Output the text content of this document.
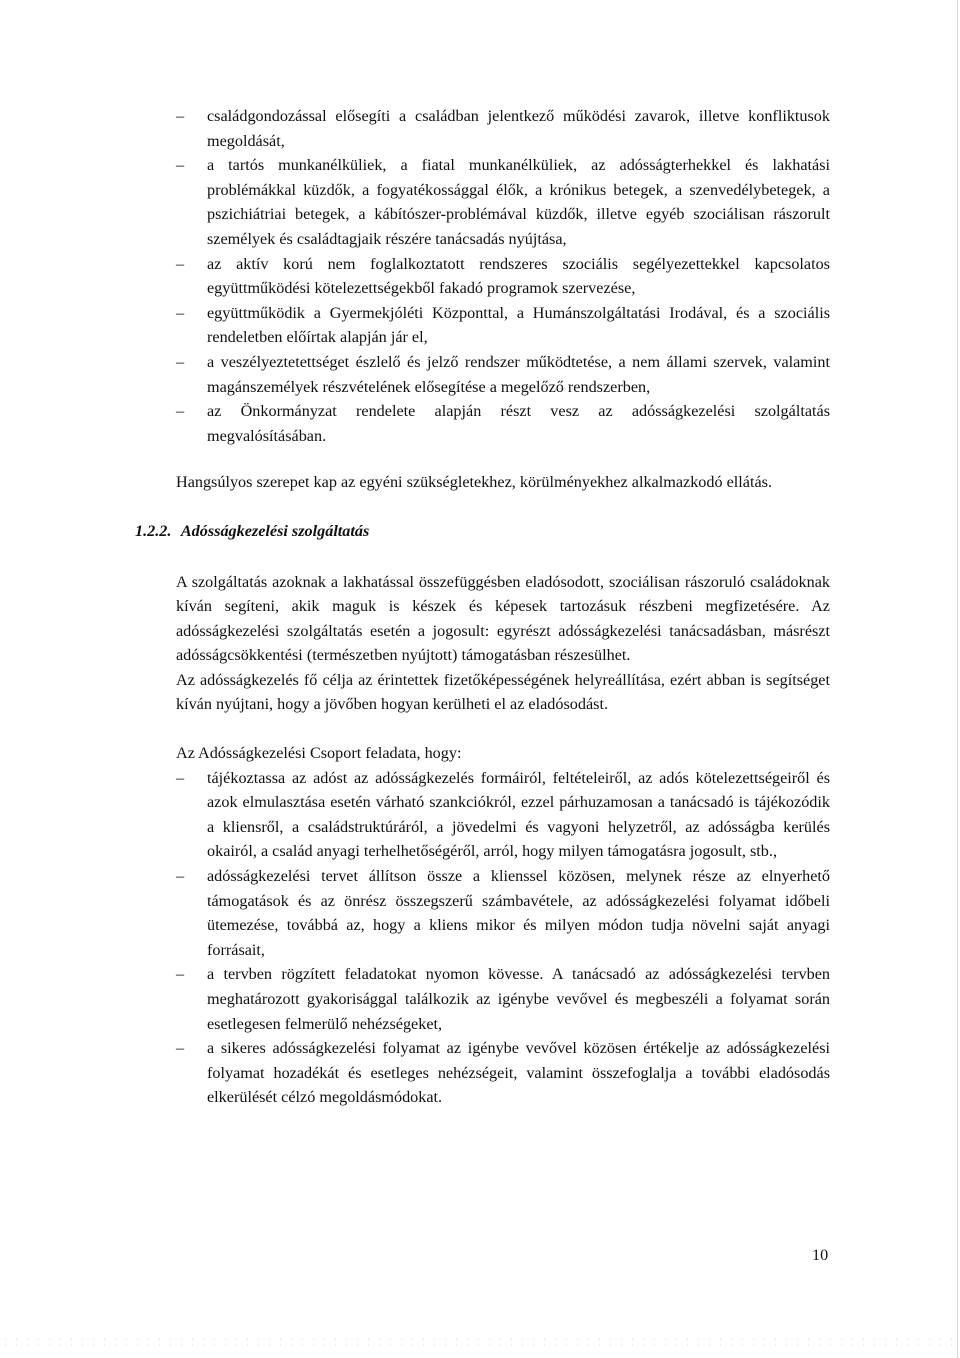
– családgondozással elősegíti a családban jelentkező működési zavarok, illetve konfliktusok megoldását,
– a tartós munkanélküliek, a fiatal munkanélküliek, az adósságterhekkel és lakhatási problémákkal küzdők, a fogyatékossággal élők, a krónikus betegek, a szenvedélybetegek, a pszichiátriai betegek, a kábítószer-problémával küzdők, illetve egyéb szociálisan rászorult személyek és családtagjaik részére tanácsadás nyújtása,
– az aktív korú nem foglalkoztatott rendszeres szociális segélyezettekkel kapcsolatos együttműködési kötelezettségekből fakadó programok szervezése,
– együttműködik a Gyermekjóléti Központtal, a Humánszolgáltatási Irodával, és a szociális rendeletben előírtak alapján jár el,
– a veszélyeztetettséget észlelő és jelző rendszer működtetése, a nem állami szervek, valamint magánszemélyek részvételének elősegítése a megelőző rendszerben,
– az Önkormányzat rendelete alapján részt vesz az adósságkezelési szolgáltatás megvalósításában.

Hangsúlyos szerepet kap az egyéni szükségletekhez, körülményekhez alkalmazkodó ellátás.

1.2.2. Adósságkezelési szolgáltatás

A szolgáltatás azoknak a lakhatással összefüggésben eladósodott, szociálisan rászoruló családoknak kíván segíteni, akik maguk is készek és képesek tartozásuk részbeni megfizetésére. Az adósságkezelési szolgáltatás esetén a jogosult: egyrészt adósságkezelési tanácsadásban, másrészt adósságcsökkentési (természetben nyújtott) támogatásban részesülhet.

Az adósságkezelés fő célja az érintettek fizetőképességének helyreállítása, ezért abban is segítséget kíván nyújtani, hogy a jövőben hogyan kerülheti el az eladósodást.

Az Adósságkezelési Csoport feladata, hogy:

– tájékoztassa az adóst az adósságkezelés formáiról, feltételeiről, az adós kötelezettségeiről és azok elmulasztása esetén várható szankciókról, ezzel párhuzamosan a tanácsadó is tájékozódik a kliensről, a családstruktúráról, a jövedelmi és vagyoni helyzetről, az adósságba kerülés okairól, a család anyagi terhelhetőségéről, arról, hogy milyen támogatásra jogosult, stb.,
– adósságkezelési tervet állítson össze a klienssel közösen, melynek része az elnyerhető támogatások és az önrész összegszerű számbavétele, az adósságkezelési folyamat időbeli ütemezése, továbbá az, hogy a kliens mikor és milyen módon tudja növelni saját anyagi forrásait,
– a tervben rögzített feladatokat nyomon kövesse. A tanácsadó az adósságkezelési tervben meghatározott gyakorisággal találkozik az igénybe vevővel és megbeszéli a folyamat során esetlegesen felmerülő nehézségeket,
– a sikeres adósságkezelési folyamat az igénybe vevővel közösen értékelje az adósságkezelési folyamat hozadékát és esetleges nehézségeit, valamint összefoglalja a további eladósodás elkerülését célzó megoldásmódokat.
10
